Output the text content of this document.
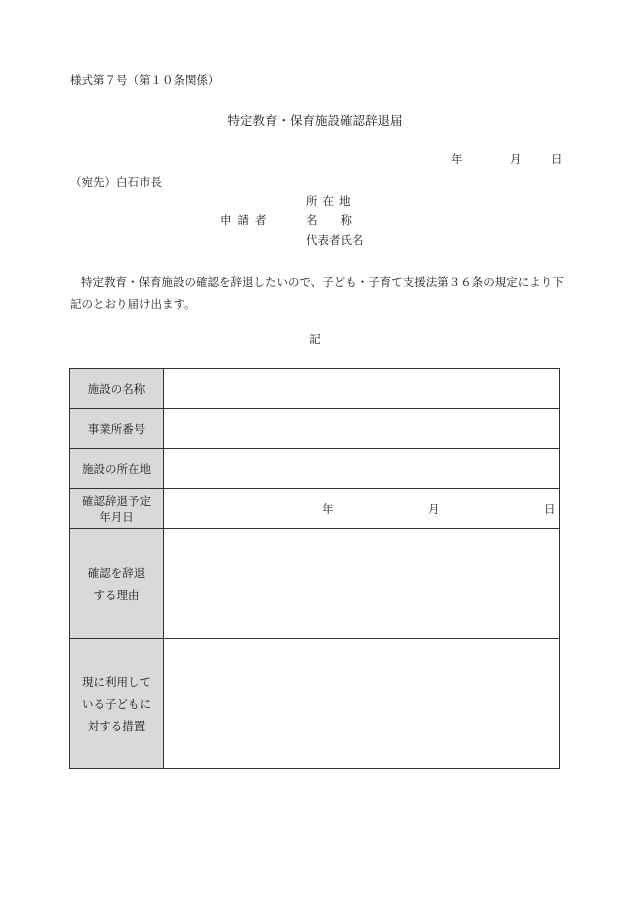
様式第７号（第１０条関係）
特定教育・保育施設確認辞退届
年	月	日
（宛先）白石市長
所在地
申請者	名　　称
代表者氏名
特定教育・保育施設の確認を辞退したいので、子ども・子育て支援法第３６条の規定により下記のとおり届け出ます。
記
施設の名称	
事業所番号	
施設の所在地	
確認辞退予定年月日	年 月 日

確認を辞退する理由	
現に利用している子どもに対する措置	
